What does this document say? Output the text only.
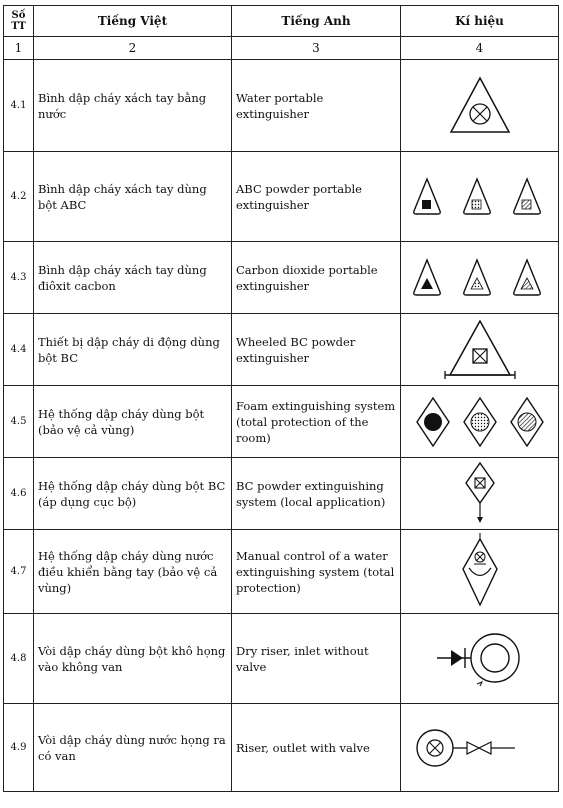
Số TT	Tiếng Việt	Tiếng Anh	Kí hiệu
1	2	3	4
4.1	Bình dập cháy xách tay bằng nước	Water portable extinguisher	

4.2	Bình dập cháy xách tay dùng bột ABC	ABC powder portable extinguisher	

4.3	Bình dập cháy xách tay dùng điôxit cacbon	Carbon dioxide portable extinguisher	

4.4	Thiết bị dập cháy di động dùng bột BC	Wheeled BC powder extinguisher	

4.5	Hệ thống dập cháy dùng bột (bảo vệ cả vùng)	Foam extinguishing system (total protection of the room)	

4.6	Hệ thống dập cháy dùng bột BC (áp dụng cục bộ)	BC powder extinguishing system (local application)	

4.7	Hệ thống dập cháy dùng nước điều khiển bằng tay (bảo vệ cả vùng)	Manual control of a water extinguishing system (total protection)	

4.8	Vòi dập cháy dùng bột khô họng vào không van	Dry riser, inlet without valve	

4.9	Vòi dập cháy dùng nước họng ra có van	Riser, outlet with valve	
